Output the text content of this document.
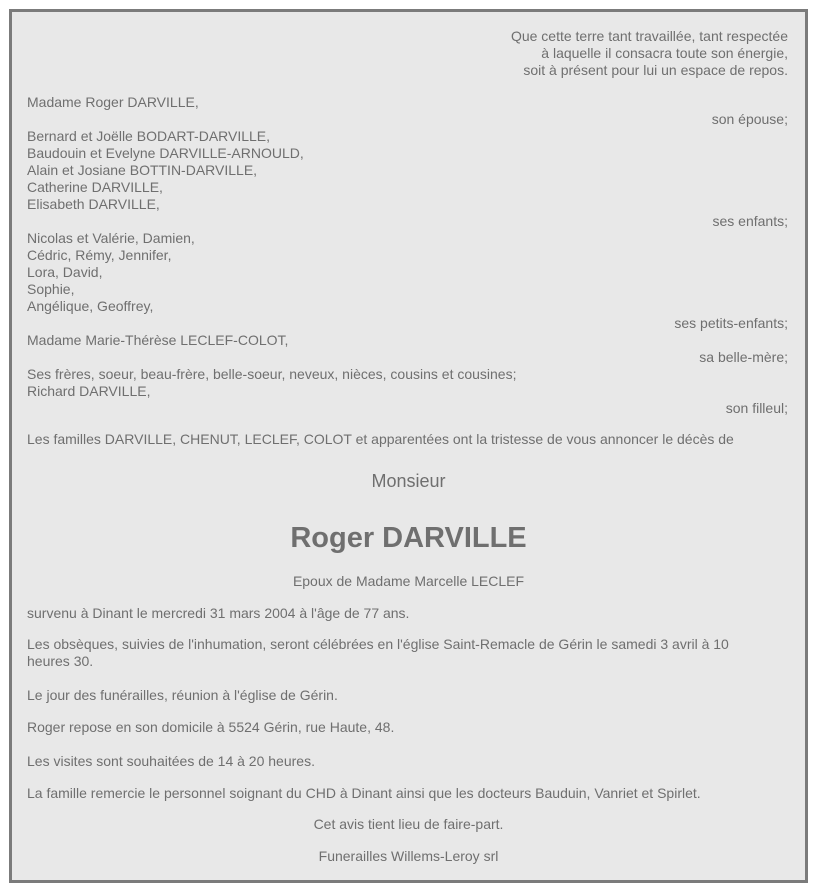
Que cette terre tant travaillée, tant respectée

à laquelle il consacra toute son énergie,

soit à présent pour lui un espace de repos.

Madame Roger DARVILLE,

son épouse;

Bernard et Joëlle BODART-DARVILLE,

Baudouin et Evelyne DARVILLE-ARNOULD,

Alain et Josiane BOTTIN-DARVILLE,

Catherine DARVILLE,

Elisabeth DARVILLE,

ses enfants;

Nicolas et Valérie, Damien,

Cédric, Rémy, Jennifer,

Lora, David,

Sophie,

Angélique, Geoffrey,

ses petits-enfants;

Madame Marie-Thérèse LECLEF-COLOT,

sa belle-mère;

Ses frères, soeur, beau-frère, belle-soeur, neveux, nièces, cousins et cousines;

Richard DARVILLE,

son filleul;

Les familles DARVILLE, CHENUT, LECLEF, COLOT et apparentées ont la tristesse de vous annoncer le décès de

Monsieur

Roger DARVILLE

Epoux de Madame Marcelle LECLEF

survenu à Dinant le mercredi 31 mars 2004 à l'âge de 77 ans.

Les obsèques, suivies de l'inhumation, seront célébrées en l'église Saint-Remacle de Gérin le samedi 3 avril à 10

heures 30.

Le jour des funérailles, réunion à l'église de Gérin.

Roger repose en son domicile à 5524 Gérin, rue Haute, 48.

Les visites sont souhaitées de 14 à 20 heures.

La famille remercie le personnel soignant du CHD à Dinant ainsi que les docteurs Bauduin, Vanriet et Spirlet.

Cet avis tient lieu de faire-part.

Funerailles Willems-Leroy srl
